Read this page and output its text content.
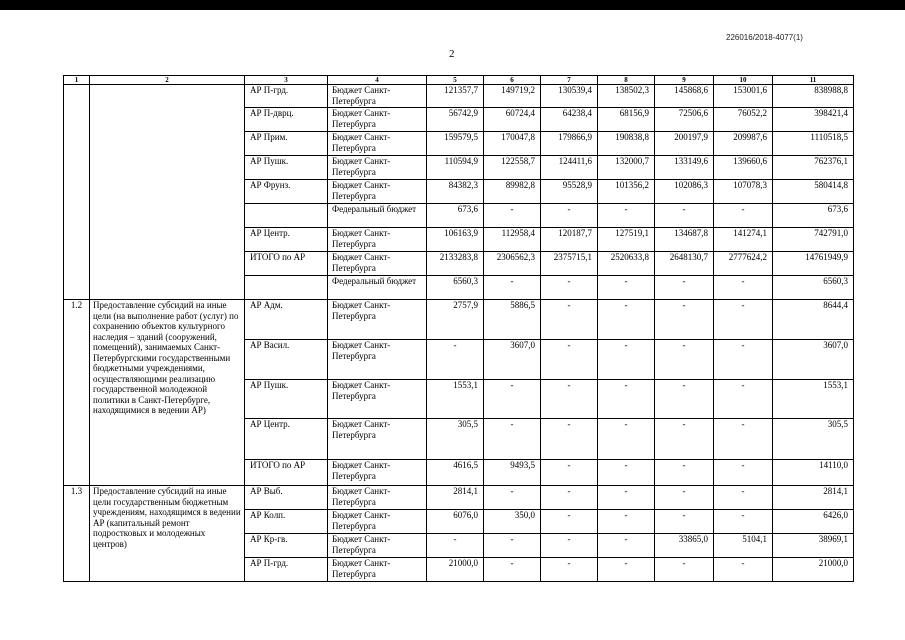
226016/2018-4077(1)
2
1	2	3	4	5	6	7	8	9	10	11
		АР П-грд.	Бюджет Санкт-Петербурга	121357,7	149719,2	130539,4	138502,3	145868,6	153001,6	838988,8
		АР П-дврц.	Бюджет Санкт-Петербурга	56742,9	60724,4	64238,4	68156,9	72506,6	76052,2	398421,4
		АР Прим.	Бюджет Санкт-Петербурга	159579,5	170047,8	179866,9	190838,8	200197,9	209987,6	1110518,5
		АР Пушк.	Бюджет Санкт-Петербурга	110594,9	122558,7	124411,6	132000,7	133149,6	139660,6	762376,1
		АР Фрунз.	Бюджет Санкт-Петербурга	84382,3	89982,8	95528,9	101356,2	102086,3	107078,3	580414,8
			Федеральный бюджет	673,6	-	-	-	-	-	673,6
		АР Центр.	Бюджет Санкт-Петербурга	106163,9	112958,4	120187,7	127519,1	134687,8	141274,1	742791,0
		ИТОГО по АР	Бюджет Санкт-Петербурга	2133283,8	2306562,3	2375715,1	2520633,8	2648130,7	2777624,2	14761949,9
			Федеральный бюджет	6560,3	-	-	-	-	-	6560,3
1.2	Предоставление субсидий на иные цели (на выполнение работ (услуг) по сохранению объектов культурного наследия – зданий (сооружений, помещений), занимаемых Санкт-Петербургскими государственными бюджетными учреждениями, осуществляющими реализацию государственной молодежной политики в Санкт-Петербурге, находящимися в ведении АР)	АР Адм.	Бюджет Санкт-Петербурга	2757,9	5886,5	-	-	-	-	8644,4
		АР Васил.	Бюджет Санкт-Петербурга	-	3607,0	-	-	-	-	3607,0
		АР Пушк.	Бюджет Санкт-Петербурга	1553,1	-	-	-	-	-	1553,1
		АР Центр.	Бюджет Санкт-Петербурга	305,5	-	-	-	-	-	305,5
		ИТОГО по АР	Бюджет Санкт-Петербурга	4616,5	9493,5	-	-	-	-	14110,0
1.3	Предоставление субсидий на иные цели государственным бюджетным учреждениям, находящимся в ведении АР (капитальный ремонт подростковых и молодежных центров)	АР Выб.	Бюджет Санкт-Петербурга	2814,1	-	-	-	-	-	2814,1
		АР Колп.	Бюджет Санкт-Петербурга	6076,0	350,0	-	-	-	-	6426,0
		АР Кр-гв.	Бюджет Санкт-Петербурга	-	-	-	-	33865,0	5104,1	38969,1
		АР П-грд.	Бюджет Санкт-Петербурга	21000,0	-	-	-	-	-	21000,0
